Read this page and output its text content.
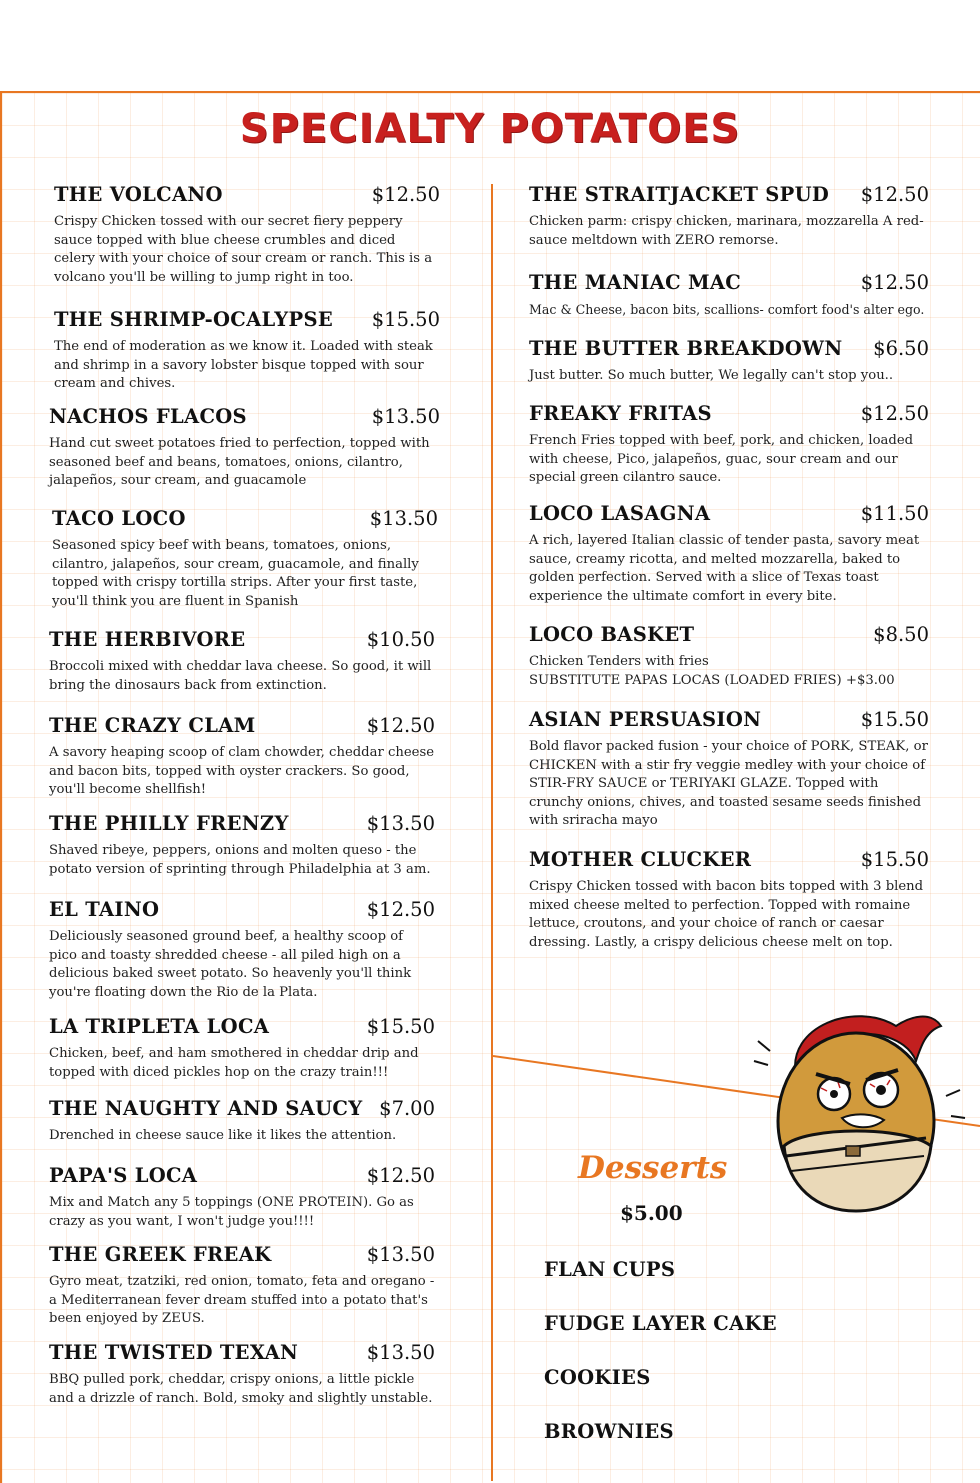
SPECIALTY POTATOES
THE VOLCANO	$12.50
Crispy Chicken tossed with our secret fiery peppery sauce topped with blue cheese crumbles and diced celery with your choice of sour cream or ranch. This is a volcano you'll be willing to jump right in too.
THE SHRIMP-OCALYPSE $15.50
The end of moderation as we know it. Loaded with steak and shrimp in a savory lobster bisque topped with sour cream and chives.
NACHOS FLACOS	$13.50
Hand cut sweet potatoes fried to perfection, topped with seasoned beef and beans, tomatoes, onions, cilantro, jalapeños, sour cream, and guacamole
TACO LOCO	$13.50
Seasoned spicy beef with beans, tomatoes, onions, cilantro, jalapeños, sour cream, guacamole, and finally topped with crispy tortilla strips. After your first taste, you'll think you are fluent in Spanish
THE HERBIVORE	$10.50
Broccoli mixed with cheddar lava cheese. So good, it will bring the dinosaurs back from extinction.
THE CRAZY CLAM	$12.50
A savory heaping scoop of clam chowder, cheddar cheese and bacon bits, topped with oyster crackers. So good, you'll become shellfish!
THE PHILLY FRENZY	$13.50
Shaved ribeye, peppers, onions and molten queso - the potato version of sprinting through Philadelphia at 3 am.
EL TAINO	$12.50
Deliciously seasoned ground beef, a healthy scoop of pico and toasty shredded cheese - all piled high on a delicious baked sweet potato. So heavenly you'll think you're floating down the Rio de la Plata.
LA TRIPLETA LOCA	$15.50
Chicken, beef, and ham smothered in cheddar drip and topped with diced pickles hop on the crazy train!!!
THE NAUGHTY AND SAUCY $7.00
Drenched in cheese sauce like it likes the attention.
PAPA'S LOCA	$12.50
Mix and Match any 5 toppings (ONE PROTEIN). Go as crazy as you want, I won't judge you!!!!
THE GREEK FREAK	$13.50
Gyro meat, tzatziki, red onion, tomato, feta and oregano - a Mediterranean fever dream stuffed into a potato that's been enjoyed by ZEUS.
THE TWISTED TEXAN	$13.50
BBQ pulled pork, cheddar, crispy onions, a little pickle and a drizzle of ranch. Bold, smoky and slightly unstable.
THE STRAITJACKET SPUD $12.50
Chicken parm: crispy chicken, marinara, mozzarella A red-sauce meltdown with ZERO remorse.
THE MANIAC MAC	$12.50
Mac & Cheese, bacon bits, scallions- comfort food's alter ego.
THE BUTTER BREAKDOWN $6.50
Just butter. So much butter, We legally can't stop you..
FREAKY FRITAS	$12.50
French Fries topped with beef, pork, and chicken, loaded with cheese, Pico, jalapeños, guac, sour cream and our special green cilantro sauce.
LOCO LASAGNA	$11.50
A rich, layered Italian classic of tender pasta, savory meat sauce, creamy ricotta, and melted mozzarella, baked to golden perfection. Served with a slice of Texas toast experience the ultimate comfort in every bite.
LOCO BASKET	$8.50
Chicken Tenders with fries
SUBSTITUTE PAPAS LOCAS (LOADED FRIES) +$3.00
ASIAN PERSUASION	$15.50
Bold flavor packed fusion - your choice of PORK, STEAK, or CHICKEN with a stir fry veggie medley with your choice of STIR-FRY SAUCE or TERIYAKI GLAZE. Topped with crunchy onions, chives, and toasted sesame seeds finished with sriracha mayo
MOTHER CLUCKER	$15.50
Crispy Chicken tossed with bacon bits topped with 3 blend mixed cheese melted to perfection. Topped with romaine lettuce, croutons, and your choice of ranch or caesar dressing. Lastly, a crispy delicious cheese melt on top.
Desserts
$5.00
FLAN CUPS
FUDGE LAYER CAKE
COOKIES
BROWNIES
